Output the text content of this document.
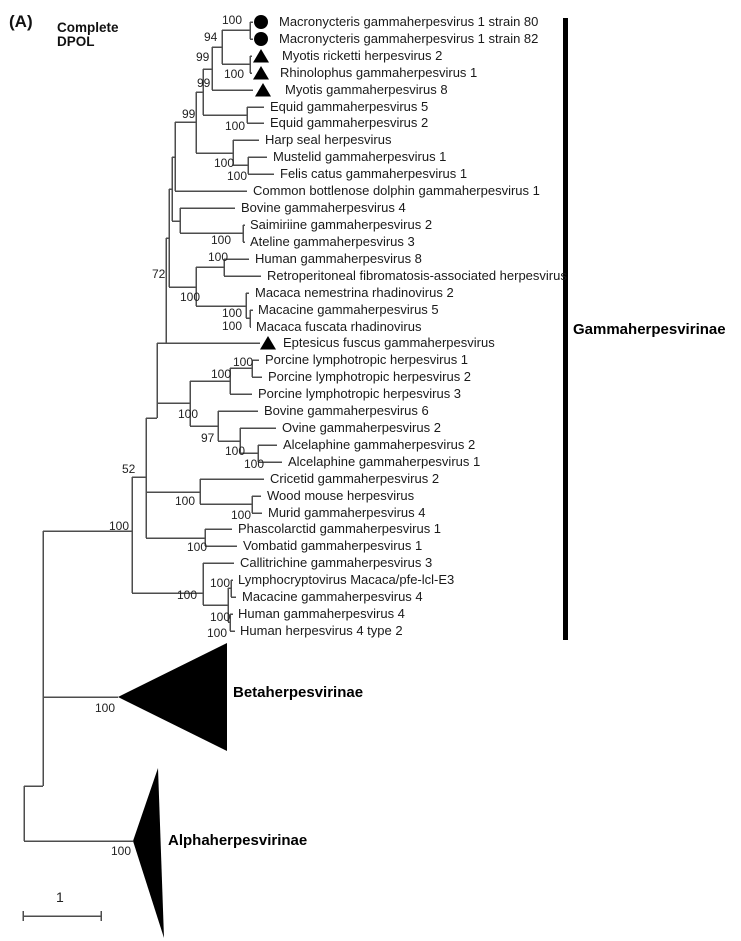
(A) Complete
DPOL
Gammaherpesvirinae
Macronycteris gammaherpesvirus 1 strain 80
Macronycteris gammaherpesvirus 1 strain 82
Myotis ricketti herpesvirus 2
Rhinolophus gammaherpesvirus 1
Myotis gammaherpesvirus 8
Equid gammaherpesvirus 5
Equid gammaherpesvirus 2
Harp seal herpesvirus
Mustelid gammaherpesvirus 1
Felis catus gammaherpesvirus 1
Common bottlenose dolphin gammaherpesvirus 1
Bovine gammaherpesvirus 4
Saimiriine gammaherpesvirus 2
Ateline gammaherpesvirus 3
Human gammaherpesvirus 8
Retroperitoneal fibromatosis-associated herpesvirus
Macaca nemestrina rhadinovirus 2
Macacine gammaherpesvirus 5
Macaca fuscata rhadinovirus
Eptesicus fuscus gammaherpesvirus
Porcine lymphotropic herpesvirus 1
Porcine lymphotropic herpesvirus 2
Porcine lymphotropic herpesvirus 3
Bovine gammaherpesvirus 6
Ovine gammaherpesvirus 2
Alcelaphine gammaherpesvirus 2
Alcelaphine gammaherpesvirus 1
Cricetid gammaherpesvirus 2
Wood mouse herpesvirus
Murid gammaherpesvirus 4
Phascolarctid gammaherpesvirus 1
Vombatid gammaherpesvirus 1
Callitrichine gammaherpesvirus 3
Lymphocryptovirus Macaca/pfe-lcl-E3
Macacine gammaherpesvirus 4
Human gammaherpesvirus 4
Human herpesvirus 4 type 2
100
94
99
100
99
99
100
100
100
100
100
72
100
100
100
100
100
100
97
100
100
52
100
100
100
100
100
100
100
100
Betaherpesvirinae
100
Alphaherpesvirinae
100
1
